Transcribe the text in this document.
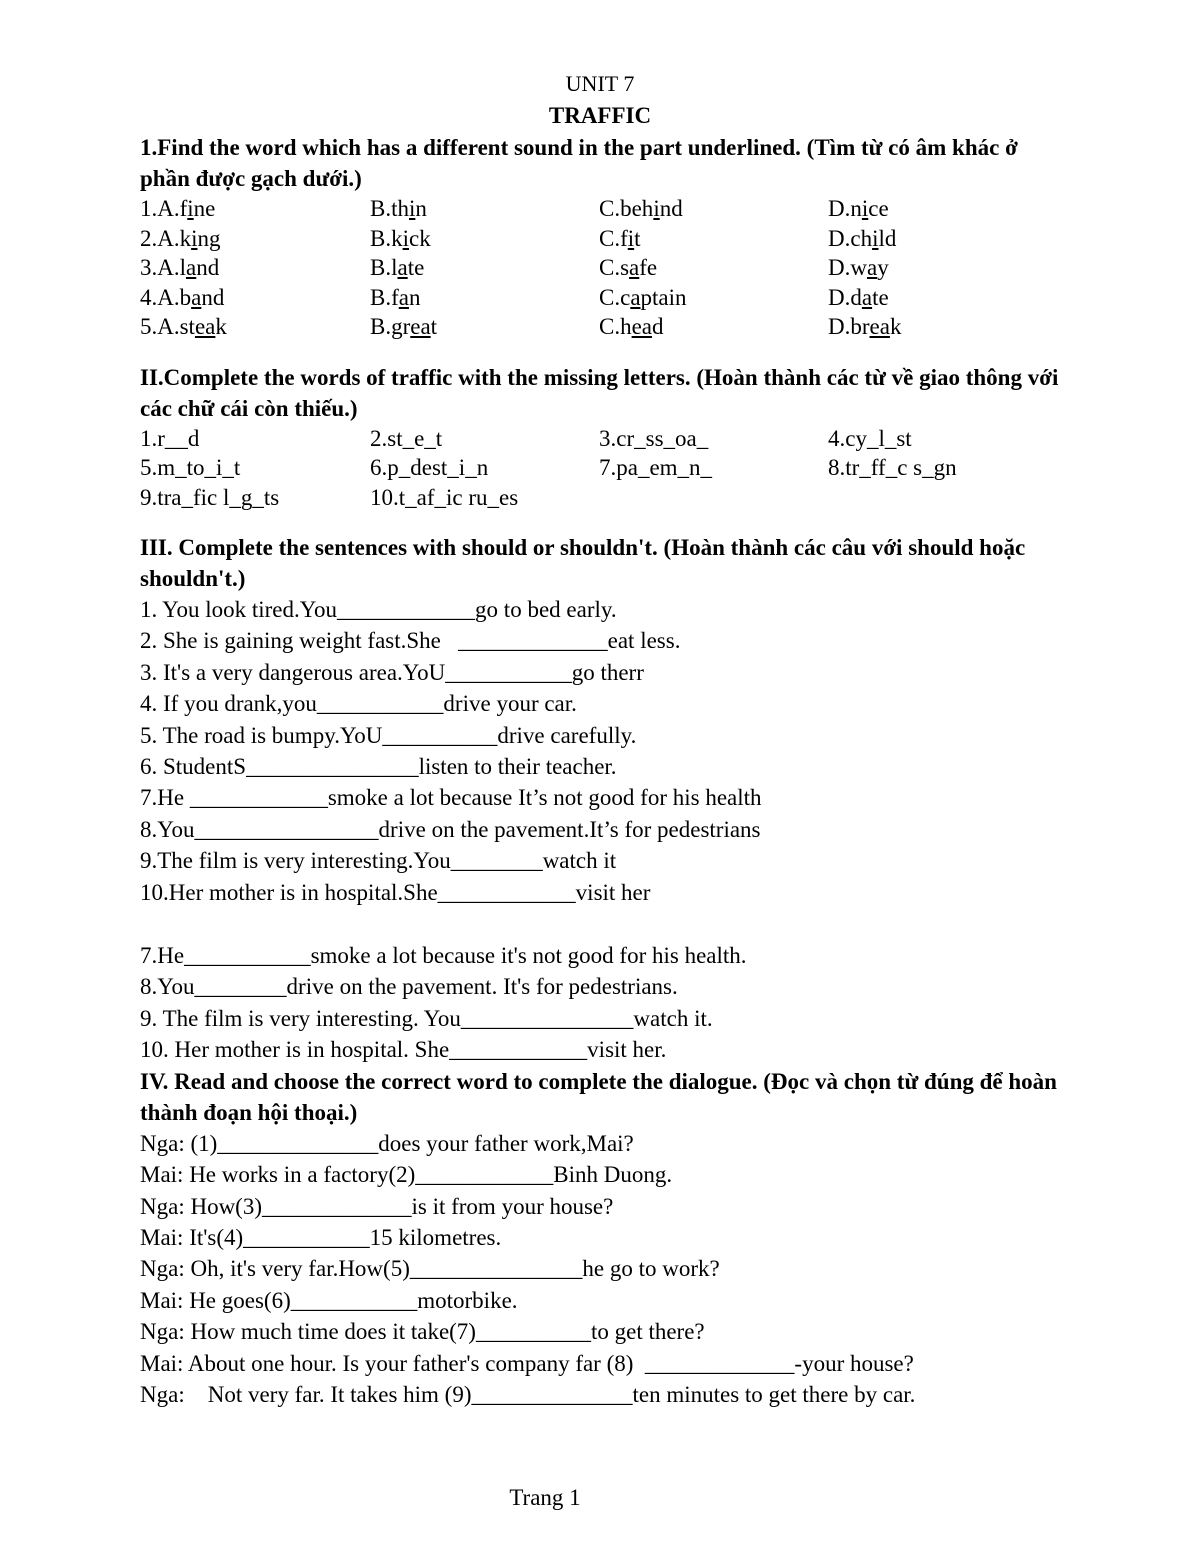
UNIT 7
TRAFFIC
1.Find the word which has a different sound in the part underlined. (Tìm từ có âm khác ở phần được gạch dưới.)
1.A.fine	B.thin	C.behind	D.nice
2.A.king	B.kick	C.fit	D.child
3.A.land	B.late	C.safe	D.way
4.A.band	B.fan	C.captain	D.date
5.A.steak	B.great	C.head	D.break
II.Complete the words of traffic with the missing letters. (Hoàn thành các từ về giao thông với các chữ cái còn thiếu.)
1.r__d	2.st_e_t	3.cr_ss_oa_	4.cy_l_st
5.m_to_i_t	6.p_dest_i_n	7.pa_em_n_	8.tr_ff_c s_gn
9.tra_fic l_g_ts	10.t_af_ic ru_es
III. Complete the sentences with should or shouldn't. (Hoàn thành các câu với should hoặc shouldn't.)
1. You look tired.You____________go to bed early.
2. She is gaining weight fast.She   _____________eat less.
3. It's a very dangerous area.YoU___________go therr
4. If you drank,you___________drive your car.
5. The road is bumpy.YoU__________drive carefully.
6. StudentS_______________listen to their teacher.
7.He ____________smoke a lot because It’s not good for his health
8.You________________drive on the pavement.It’s for pedestrians
9.The film is very interesting.You________watch it
10.Her mother is in hospital.She____________visit her
7.He___________smoke a lot because it's not good for his health.
8.You________drive on the pavement. It's for pedestrians.
9. The film is very interesting. You_______________watch it.
10. Her mother is in hospital. She____________visit her.
IV. Read and choose the correct word to complete the dialogue. (Đọc và chọn từ đúng để hoàn thành đoạn hội thoại.)
Nga: (1)______________does your father work,Mai?
Mai: He works in a factory(2)____________Binh Duong.
Nga: How(3)_____________is it from your house?
Mai: It's(4)___________15 kilometres.
Nga: Oh, it's very far.How(5)_______________he go to work?
Mai: He goes(6)___________motorbike.
Nga: How much time does it take(7)__________to get there?
Mai: About one hour. Is your father's company far (8)  _____________-your house?
Nga:    Not very far. It takes him (9)______________ten minutes to get there by car.
Trang 1
